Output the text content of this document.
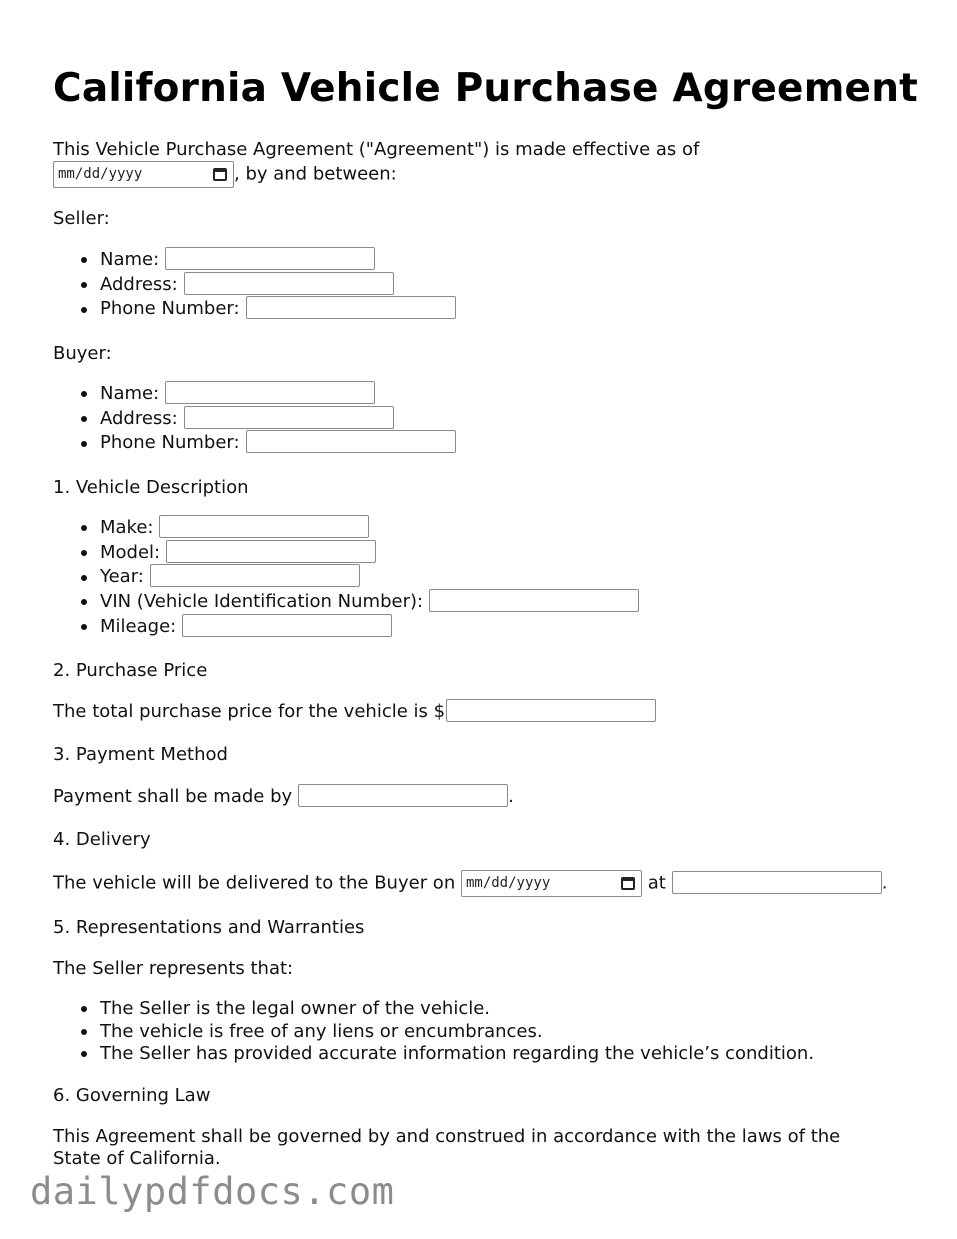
California Vehicle Purchase Agreement
This Vehicle Purchase Agreement ("Agreement") is made effective as of
mm/dd/yyyy	, by and between:
Seller:
Name:
Address:
Phone Number:
Buyer:
Name:
Address:
Phone Number:
1. Vehicle Description
Make:
Model:
Year:
VIN (Vehicle Identification Number):
Mileage:
2. Purchase Price
The total purchase price for the vehicle is $
3. Payment Method
Payment shall be made by	.
4. Delivery
The vehicle will be delivered to the Buyer on mm/dd/yyyy	at	.
5. Representations and Warranties
The Seller represents that:
The Seller is the legal owner of the vehicle.
The vehicle is free of any liens or encumbrances.
The Seller has provided accurate information regarding the vehicle’s condition.
6. Governing Law
This Agreement shall be governed by and construed in accordance with the laws of the
State of California.
dailypdfdocs.com
